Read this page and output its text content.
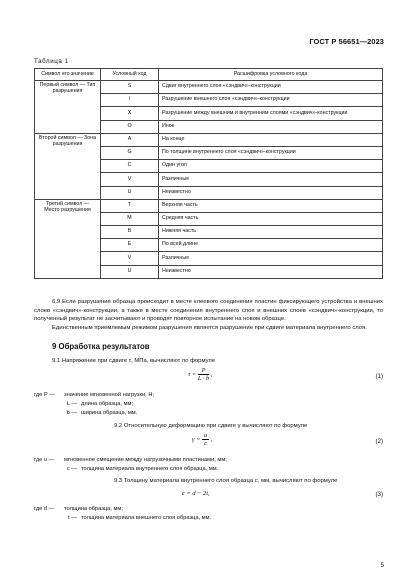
ГОСТ Р 56651—2023
Таблица 1
Символ его значение	Условный код	Расшифровка условного кода
Первый символ — Тип разрушения	S	Сдвиг внутреннего слоя «сэндвич»-конструкции
	I	Разрушение внешнего слоя «сэндвич»-конструкции
	X	Разрушение между внешним и внутренним слоями «сэндвич»-конструкции
	O	Иное
Второй символ — Зона разрушения	A	На конце
	G	По толщине внутреннего слоя «сэндвич»-конструкции
	C	Один угол
	V	Различные
	U	Неизвестно
Третий символ — Место разрушения	T	Верхняя часть
	M	Средняя часть
	B	Нижняя часть
	E	По всей длине
	V	Различные
	U	Неизвестно

6.9 Если разрушение образца происходит в месте клеевого соединения пластин фиксирующего устройства и внешних слоев «сэндвич»-конструкции, а также в месте соединения внутреннего слоя и внешних слоев «сэндвич»-конструкции, то полученный результат не засчитывают и проводят повторное испытание на новом образце.

Единственным приемлемым режимом разрушения является разрушение при сдвиге материала внутреннего слоя.

9 Обработка результатов

9.1 Напряжение при сдвиге τ, МПа, вычисляют по формуле

$\tau = \frac{P}{L \cdot b}$ ,	(1)
где P — значение мгновенной нагрузки, Н;
L — длина образца, мм;
b — ширина образца, мм.

9.2 Относительную деформацию при сдвиге γ вычисляют по формуле

$\gamma = \frac{u}{c}$ ,	(2)
где u — мгновенное смещение между нагрузочными пластинами, мм;
c — толщина материала внутреннего слоя образца, мм.

9.3 Толщину материала внутреннего слоя образца c, мм, вычисляют по формуле

c = d − 2t,	(3)
где d — толщина образца, мм;
t — толщина материала внешнего слоя образца, мм.
5
